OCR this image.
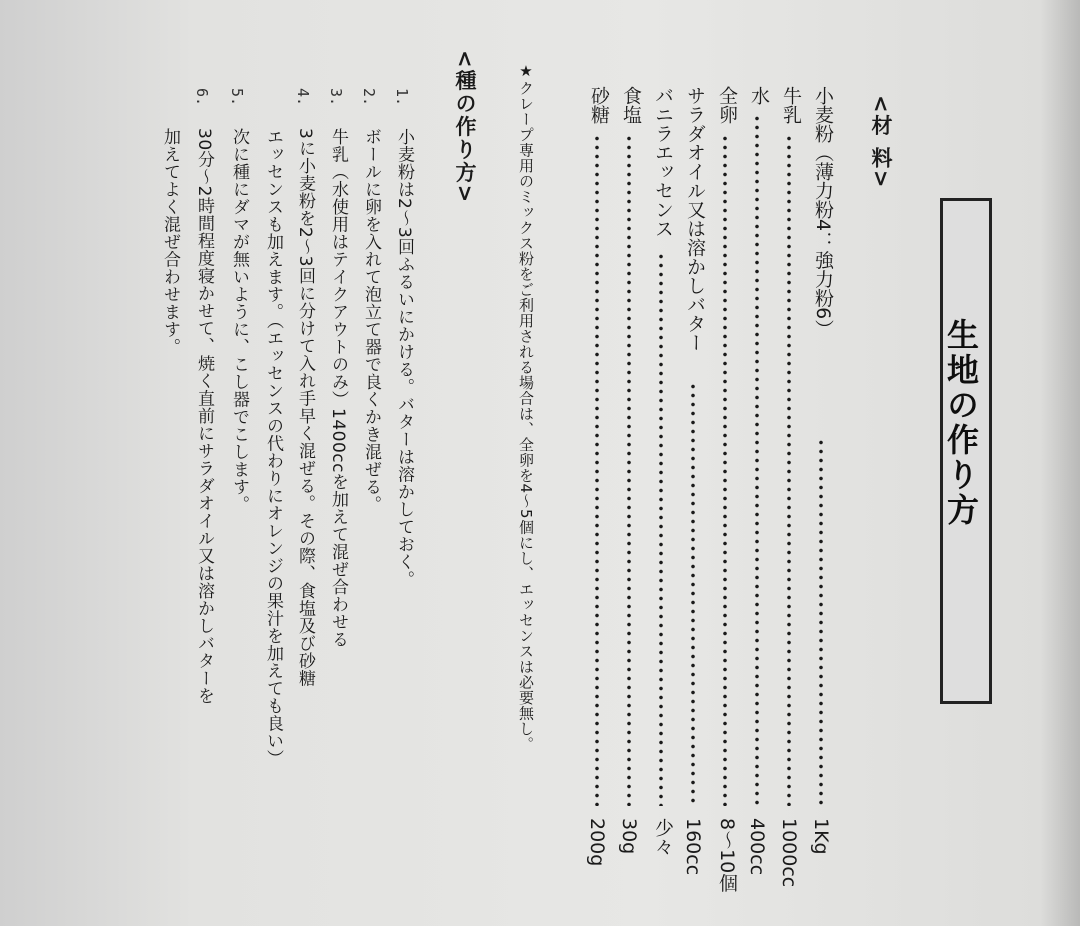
生地の作り方
<材 料>
小麦粉（薄力粉4：強力粉6）
1Kg
牛乳
1000cc
水
400cc
全卵
8～10個
サラダオイル又は溶かしバター
160cc
バニラエッセンス
少々
食塩
30g
砂糖
200g
★クレープ専用のミックス粉をご利用される場合は、全卵を4～5個にし、エッセンスは必要無し。
<種の作り方>
1.
小麦粉は2～3回ふるいにかける。バターは溶かしておく。
2.
ボールに卵を入れて泡立て器で良くかき混ぜる。
3.
牛乳（水使用はテイクアウトのみ）1400ccを加えて混ぜ合わせる
4.
3に小麦粉を2～3回に分けて入れ手早く混ぜる。その際、食塩及び砂糖
エッセンスも加えます。（エッセンスの代わりにオレンジの果汁を加えても良い）
5.
次に種にダマが無いように、こし器でこします。
6.
30分～2時間程度寝かせて、焼く直前にサラダオイル又は溶かしバターを
加えてよく混ぜ合わせます。
